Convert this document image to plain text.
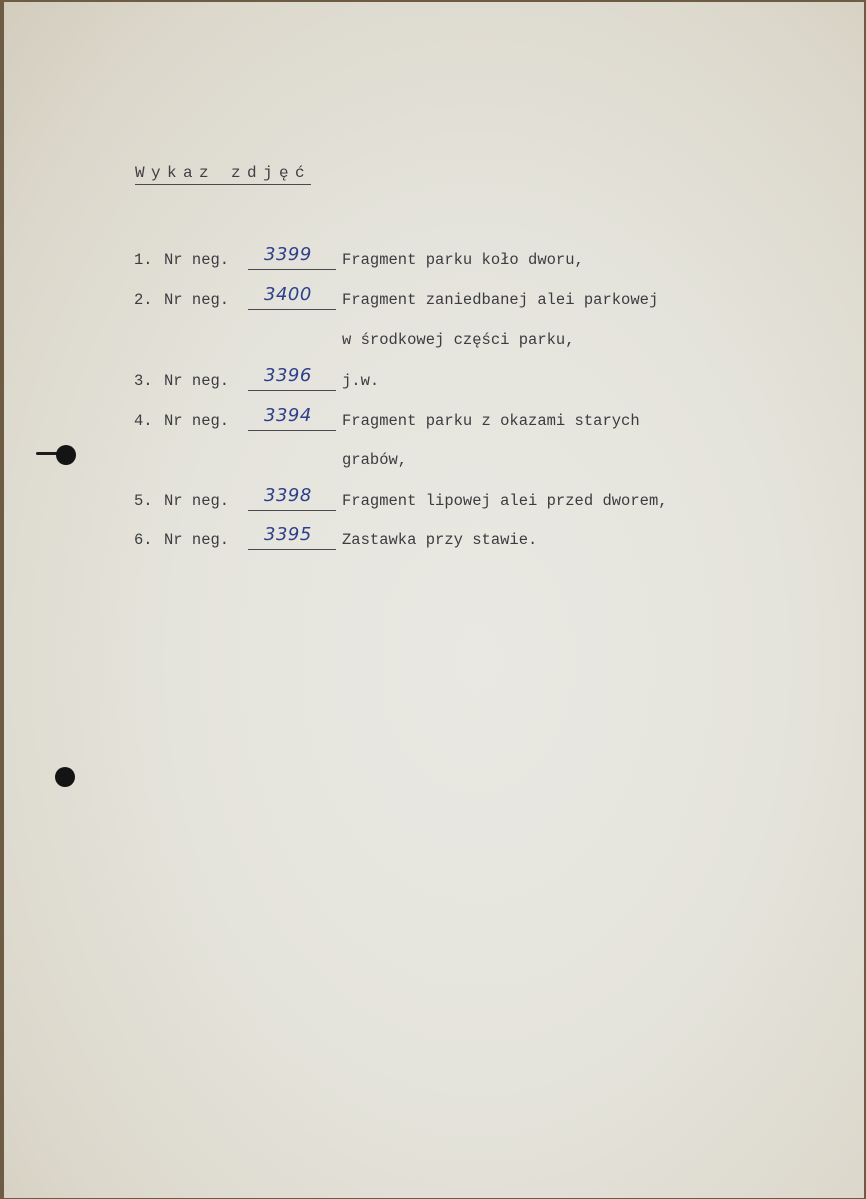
Wykaz zdjęć
1. Nr neg. 3399 Fragment parku koło dworu,
2. Nr neg. 3400 Fragment zaniedbanej alei parkowej
w środkowej części parku,
3. Nr neg. 3396 j.w.
4. Nr neg. 3394 Fragment parku z okazami starych
grabów,
5. Nr neg. 3398 Fragment lipowej alei przed dworem,
6. Nr neg. 3395 Zastawka przy stawie.
